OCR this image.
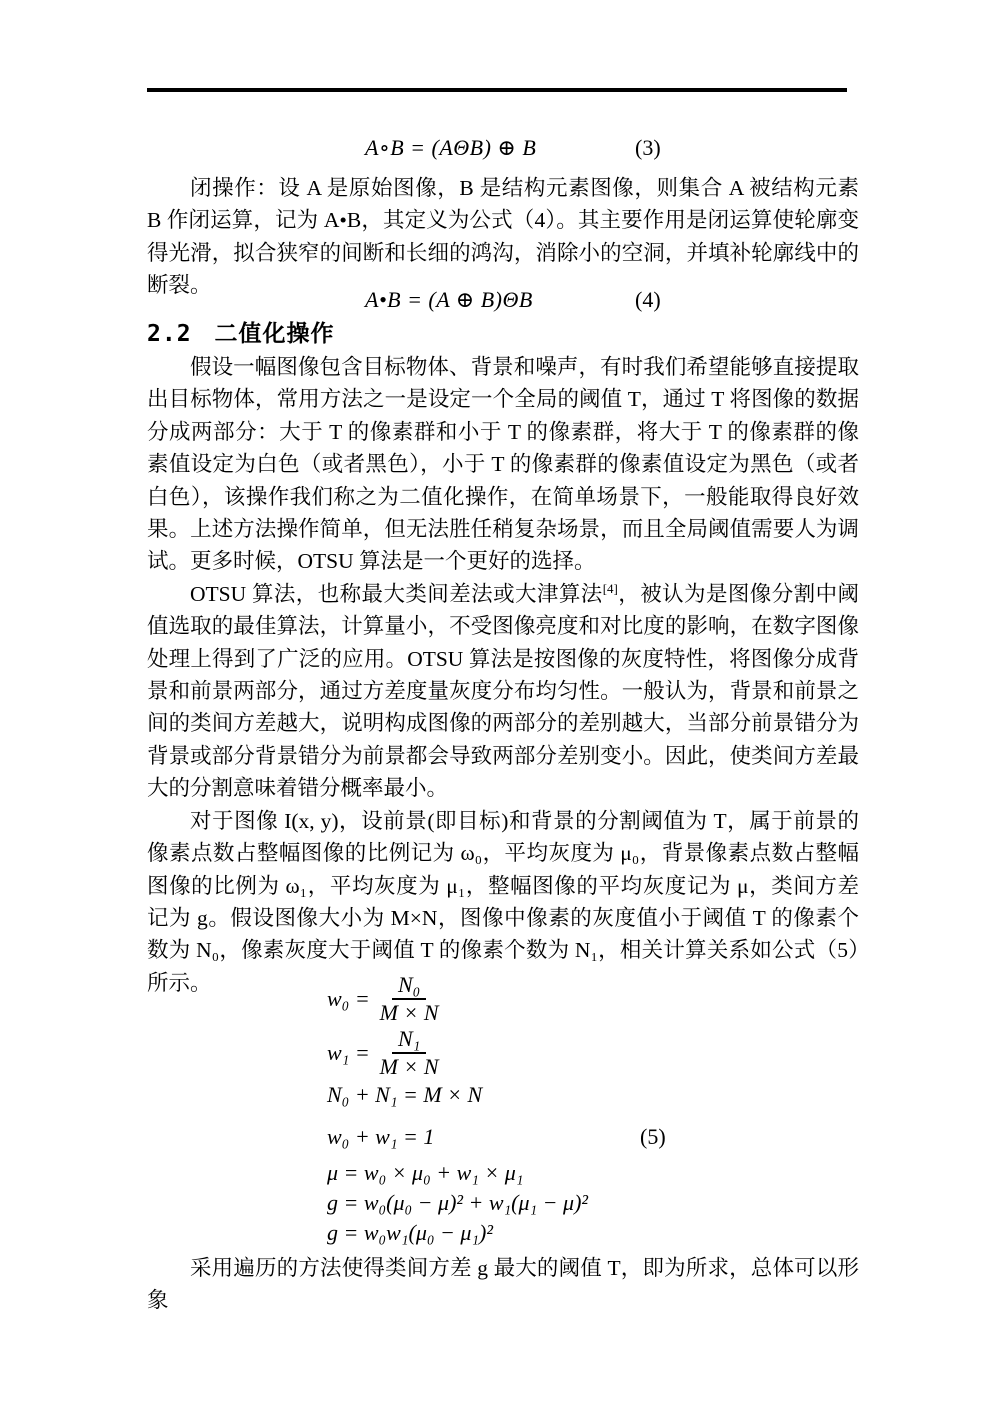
A∘B = (AΘB) ⊕ B	(3)

闭操作：设 A 是原始图像，B 是结构元素图像，则集合 A 被结构元素 B 作闭运算，记为 A•B，其定义为公式（4）。其主要作用是闭运算使轮廓变得光滑，拟合狭窄的间断和长细的鸿沟，消除小的空洞，并填补轮廓线中的断裂。

A•B = (A ⊕ B)ΘB	(4)
2.2 二值化操作

假设一幅图像包含目标物体、背景和噪声，有时我们希望能够直接提取出目标物体，常用方法之一是设定一个全局的阈值 T，通过 T 将图像的数据分成两部分：大于 T 的像素群和小于 T 的像素群，将大于 T 的像素群的像素值设定为白色（或者黑色），小于 T 的像素群的像素值设定为黑色（或者白色），该操作我们称之为二值化操作，在简单场景下，一般能取得良好效果。上述方法操作简单，但无法胜任稍复杂场景，而且全局阈值需要人为调试。更多时候，OTSU 算法是一个更好的选择。

OTSU 算法，也称最大类间差法或大津算法[4]，被认为是图像分割中阈值选取的最佳算法，计算量小，不受图像亮度和对比度的影响，在数字图像处理上得到了广泛的应用。OTSU 算法是按图像的灰度特性，将图像分成背景和前景两部分，通过方差度量灰度分布均匀性。一般认为，背景和前景之间的类间方差越大，说明构成图像的两部分的差别越大，当部分前景错分为背景或部分背景错分为前景都会导致两部分差别变小。因此，使类间方差最大的分割意味着错分概率最小。

对于图像 I(x, y)，设前景(即目标)和背景的分割阈值为 T，属于前景的像素点数占整幅图像的比例记为 ω₀，平均灰度为 μ₀，背景像素点数占整幅图像的比例为 ω₁，平均灰度为 μ₁，整幅图像的平均灰度记为 μ，类间方差记为 g。假设图像大小为 M×N，图像中像素的灰度值小于阈值 T 的像素个数为 N₀，像素灰度大于阈值 T 的像素个数为 N₁，相关计算关系如公式（5）所示。

$w_0 = \frac{\text{N₀}}{M \times N}$
$w_1 = \frac{\text{N₁}}{M \times N}$
N₀ + N₁ = M × N
w₀ + w₁ = 1	(5)
μ = w₀ × μ₀ + w₁ × μ₁
g = w₀(μ₀ − μ)² + w₁(μ₁ − μ)²
g = w₀w₁(μ₀ − μ₁)²

采用遍历的方法使得类间方差 g 最大的阈值 T，即为所求，总体可以形象
